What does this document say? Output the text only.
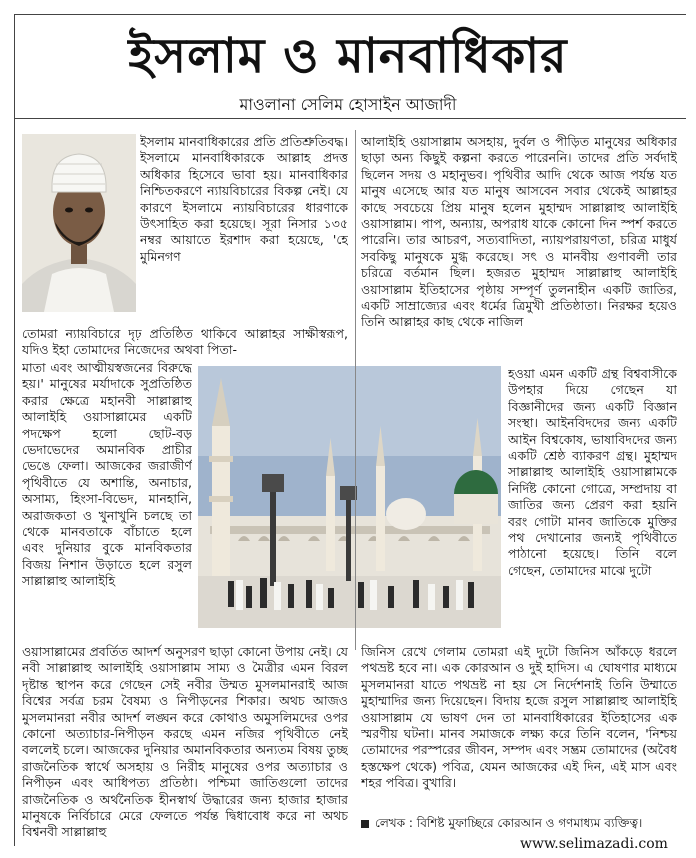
ইসলাম ও মানবাধিকার
মাওলানা সেলিম হোসাইন আজাদী

ইসলাম মানবাধিকারের প্রতি প্রতিশ্রুতিবদ্ধ। ইসলামে মানবাধিকারকে আল্লাহ প্রদত্ত অধিকার হিসেবে ভাবা হয়। মানবাধিকার নিশ্চিতকরণে ন্যায়বিচারের বিকল্প নেই। যে কারণে ইসলামে ন্যায়বিচারের ধারণাকে উৎসাহিত করা হয়েছে। সূরা নিসার ১৩৫ নম্বর আয়াতে ইরশাদ করা হয়েছে, 'হে মুমিনগণ

তোমরা ন্যায়বিচারে দৃঢ় প্রতিষ্ঠিত থাকিবে আল্লাহর সাক্ষীস্বরূপ, যদিও ইহা তোমাদের নিজেদের অথবা পিতা-

মাতা এবং আত্মীয়স্বজনের বিরুদ্ধে হয়।' মানুষের মর্যাদাকে সুপ্রতিষ্ঠিত করার ক্ষেত্রে মহানবী সাল্লাল্লাহু আলাইহি ওয়াসাল্লামের একটি পদক্ষেপ হলো ছোট-বড় ভেদাভেদের অমানবিক প্রাচীর ভেঙে ফেলা। আজকের জরাজীর্ণ পৃথিবীতে যে অশান্তি, অনাচার, অসাম্য, হিংসা-বিভেদ, মানহানি, অরাজকতা ও খুনাখুনি চলছে তা থেকে মানবতাকে বাঁচাতে হলে এবং দুনিয়ার বুকে মানবিকতার বিজয় নিশান উড়াতে হলে রসুল সাল্লাল্লাহু আলাইহি

ওয়াসাল্লামের প্রবর্তিত আদর্শ অনুসরণ ছাড়া কোনো উপায় নেই। যে নবী সাল্লাল্লাহু আলাইহি ওয়াসাল্লাম সাম্য ও মৈত্রীর এমন বিরল দৃষ্টান্ত স্থাপন করে গেছেন সেই নবীর উম্মত মুসলমানরাই আজ বিশ্বের সর্বত্র চরম বৈষম্য ও নিপীড়নের শিকার। অথচ আজও মুসলমানরা নবীর আদর্শ লঙ্ঘন করে কোথাও অমুসলিমদের ওপর কোনো অত্যাচার-নিপীড়ন করছে এমন নজির পৃথিবীতে নেই বললেই চলে। আজকের দুনিয়ার অমানবিকতার অন্যতম বিষয় তুচ্ছ রাজনৈতিক স্বার্থে অসহায় ও নিরীহ মানুষের ওপর অত্যাচার ও নিপীড়ন এবং আধিপত্য প্রতিষ্ঠা। পশ্চিমা জাতিগুলো তাদের রাজনৈতিক ও অর্থনৈতিক হীনস্বার্থ উদ্ধারের জন্য হাজার হাজার মানুষকে নির্বিচারে মেরে ফেলতে পর্যন্ত দ্বিধাবোধ করে না অথচ বিশ্বনবী সাল্লাল্লাহু

আলাইহি ওয়াসাল্লাম অসহায়, দুর্বল ও পীড়িত মানুষের অধিকার ছাড়া অন্য কিছুই কল্পনা করতে পারেননি। তাদের প্রতি সর্বদাই ছিলেন সদয় ও মহানুভব। পৃথিবীর আদি থেকে আজ পর্যন্ত যত মানুষ এসেছে আর যত মানুষ আসবেন সবার থেকেই আল্লাহর কাছে সবচেয়ে প্রিয় মানুষ হলেন মুহাম্মদ সাল্লাল্লাহু আলাইহি ওয়াসাল্লাম। পাপ, অন্যায়, অপরাধ যাকে কোনো দিন স্পর্শ করতে পারেনি। তার আচরণ, সত্যবাদিতা, ন্যায়পরায়ণতা, চরিত্র মাধুর্য সবকিছু মানুষকে মুগ্ধ করেছে। সৎ ও মানবীয় গুণাবলী তার চরিত্রে বর্তমান ছিল। হজরত মুহাম্মদ সাল্লাল্লাহু আলাইহি ওয়াসাল্লাম ইতিহাসের পৃষ্ঠায় সম্পূর্ণ তুলনাহীন একটি জাতির, একটি সাম্রাজ্যের এবং ধর্মের ত্রিমুখী প্রতিষ্ঠাতা। নিরক্ষর হয়েও তিনি আল্লাহর কাছ থেকে নাজিল

হওয়া এমন একটি গ্রন্থ বিশ্ববাসীকে উপহার দিয়ে গেছেন যা বিজ্ঞানীদের জন্য একটি বিজ্ঞান সংস্থা। আইনবিদদের জন্য একটি আইন বিশ্বকোষ, ভাষাবিদদের জন্য একটি শ্রেষ্ঠ ব্যাকরণ গ্রন্থ। মুহাম্মদ সাল্লাল্লাহু আলাইহি ওয়াসাল্লামকে নির্দিষ্ট কোনো গোত্রে, সম্প্রদায় বা জাতির জন্য প্রেরণ করা হয়নি বরং গোটা মানব জাতিকে মুক্তির পথ দেখানোর জন্যই পৃথিবীতে পাঠানো হয়েছে। তিনি বলে গেছেন, তোমাদের মাঝে দুটো

জিনিস রেখে গেলাম তোমরা এই দুটো জিনিস আঁকড়ে ধরলে পথভ্রষ্ট হবে না। এক কোরআন ও দুই হাদিস। এ ঘোষণার মাধ্যমে মুসলমানরা যাতে পথভ্রষ্ট না হয় সে নির্দেশনাই তিনি উম্মাতে মুহাম্মাদির জন্য দিয়েছেন। বিদায় হজে রসুল সাল্লাল্লাহু আলাইহি ওয়াসাল্লাম যে ভাষণ দেন তা মানবাধিকারের ইতিহাসের এক স্মরণীয় ঘটনা। মানব সমাজকে লক্ষ্য করে তিনি বলেন, 'নিশ্চয় তোমাদের পরস্পরের জীবন, সম্পদ এবং সম্ভ্রম তোমাদের (অবৈধ হস্তক্ষেপ থেকে) পবিত্র, যেমন আজকের এই দিন, এই মাস এবং শহর পবিত্র। বুখারি।

লেখক : বিশিষ্ট মুফাচ্ছিরে কোরআন ও গণমাধ্যম ব্যক্তিত্ব।
www.selimazadi.com
